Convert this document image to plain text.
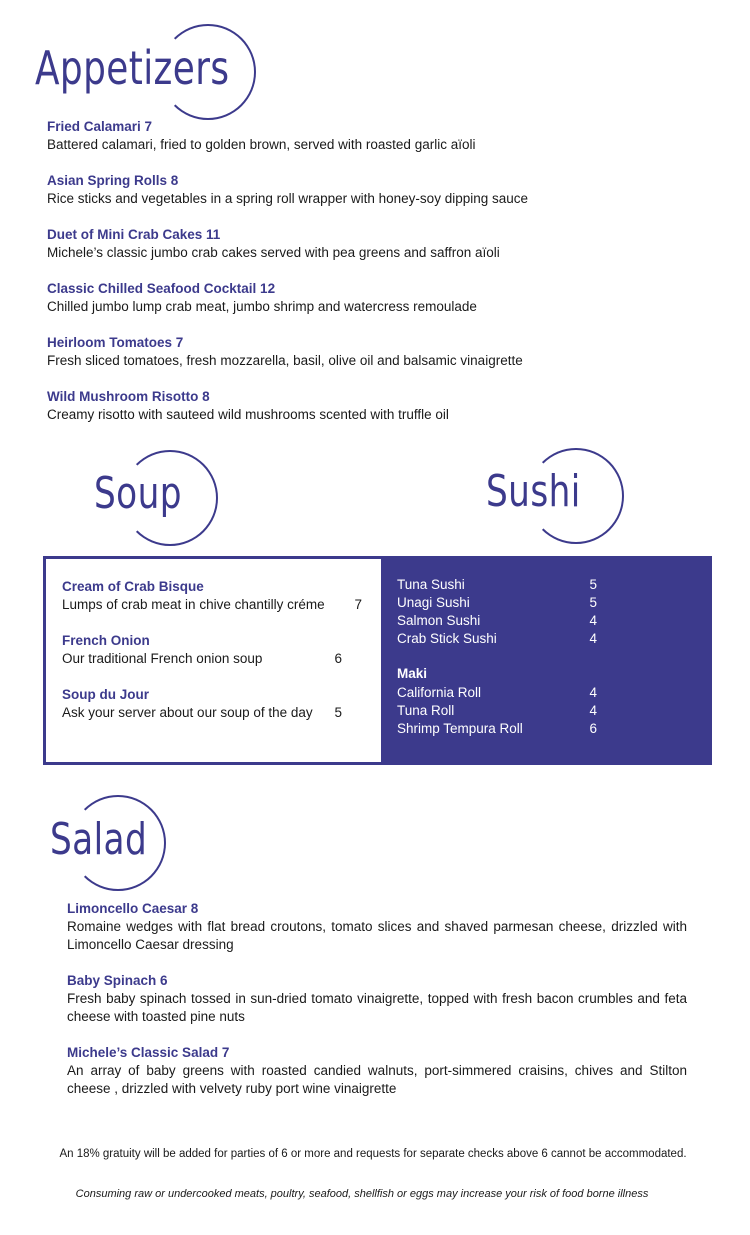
Appetizers
Fried Calamari 7
Battered calamari, fried to golden brown, served with roasted garlic aïoli
Asian Spring Rolls 8
Rice sticks and vegetables in a spring roll wrapper with honey-soy dipping sauce
Duet of Mini Crab Cakes 11
Michele’s classic jumbo crab cakes served with pea greens and saffron aïoli
Classic Chilled Seafood Cocktail 12
Chilled jumbo lump crab meat, jumbo shrimp and watercress remoulade
Heirloom Tomatoes 7
Fresh sliced tomatoes, fresh mozzarella, basil, olive oil and balsamic vinaigrette
Wild Mushroom Risotto 8
Creamy risotto with sauteed wild mushrooms scented with truffle oil
Soup	Sushi
Cream of Crab Bisque
Lumps of crab meat in chive chantilly créme 7
French Onion
Our traditional French onion soup	6
Soup du Jour
Ask your server about our soup of the day 5
Tuna Sushi	5
Unagi Sushi	5
Salmon Sushi	4
Crab Stick Sushi	4
Maki
California Roll	4
Tuna Roll	4
Shrimp Tempura Roll	6
Salad
Limoncello Caesar 8
Romaine wedges with flat bread croutons, tomato slices and shaved parmesan cheese, drizzled with Limoncello Caesar dressing
Baby Spinach 6
Fresh baby spinach tossed in sun-dried tomato vinaigrette, topped with fresh bacon crumbles and feta cheese with toasted pine nuts
Michele’s Classic Salad 7
An array of baby greens with roasted candied walnuts, port-simmered craisins, chives and Stilton cheese , drizzled with velvety ruby port wine vinaigrette
An 18% gratuity will be added for parties of 6 or more and requests for separate checks above 6 cannot be accommodated.
Consuming raw or undercooked meats, poultry, seafood, shellfish or eggs may increase your risk of food borne illness
